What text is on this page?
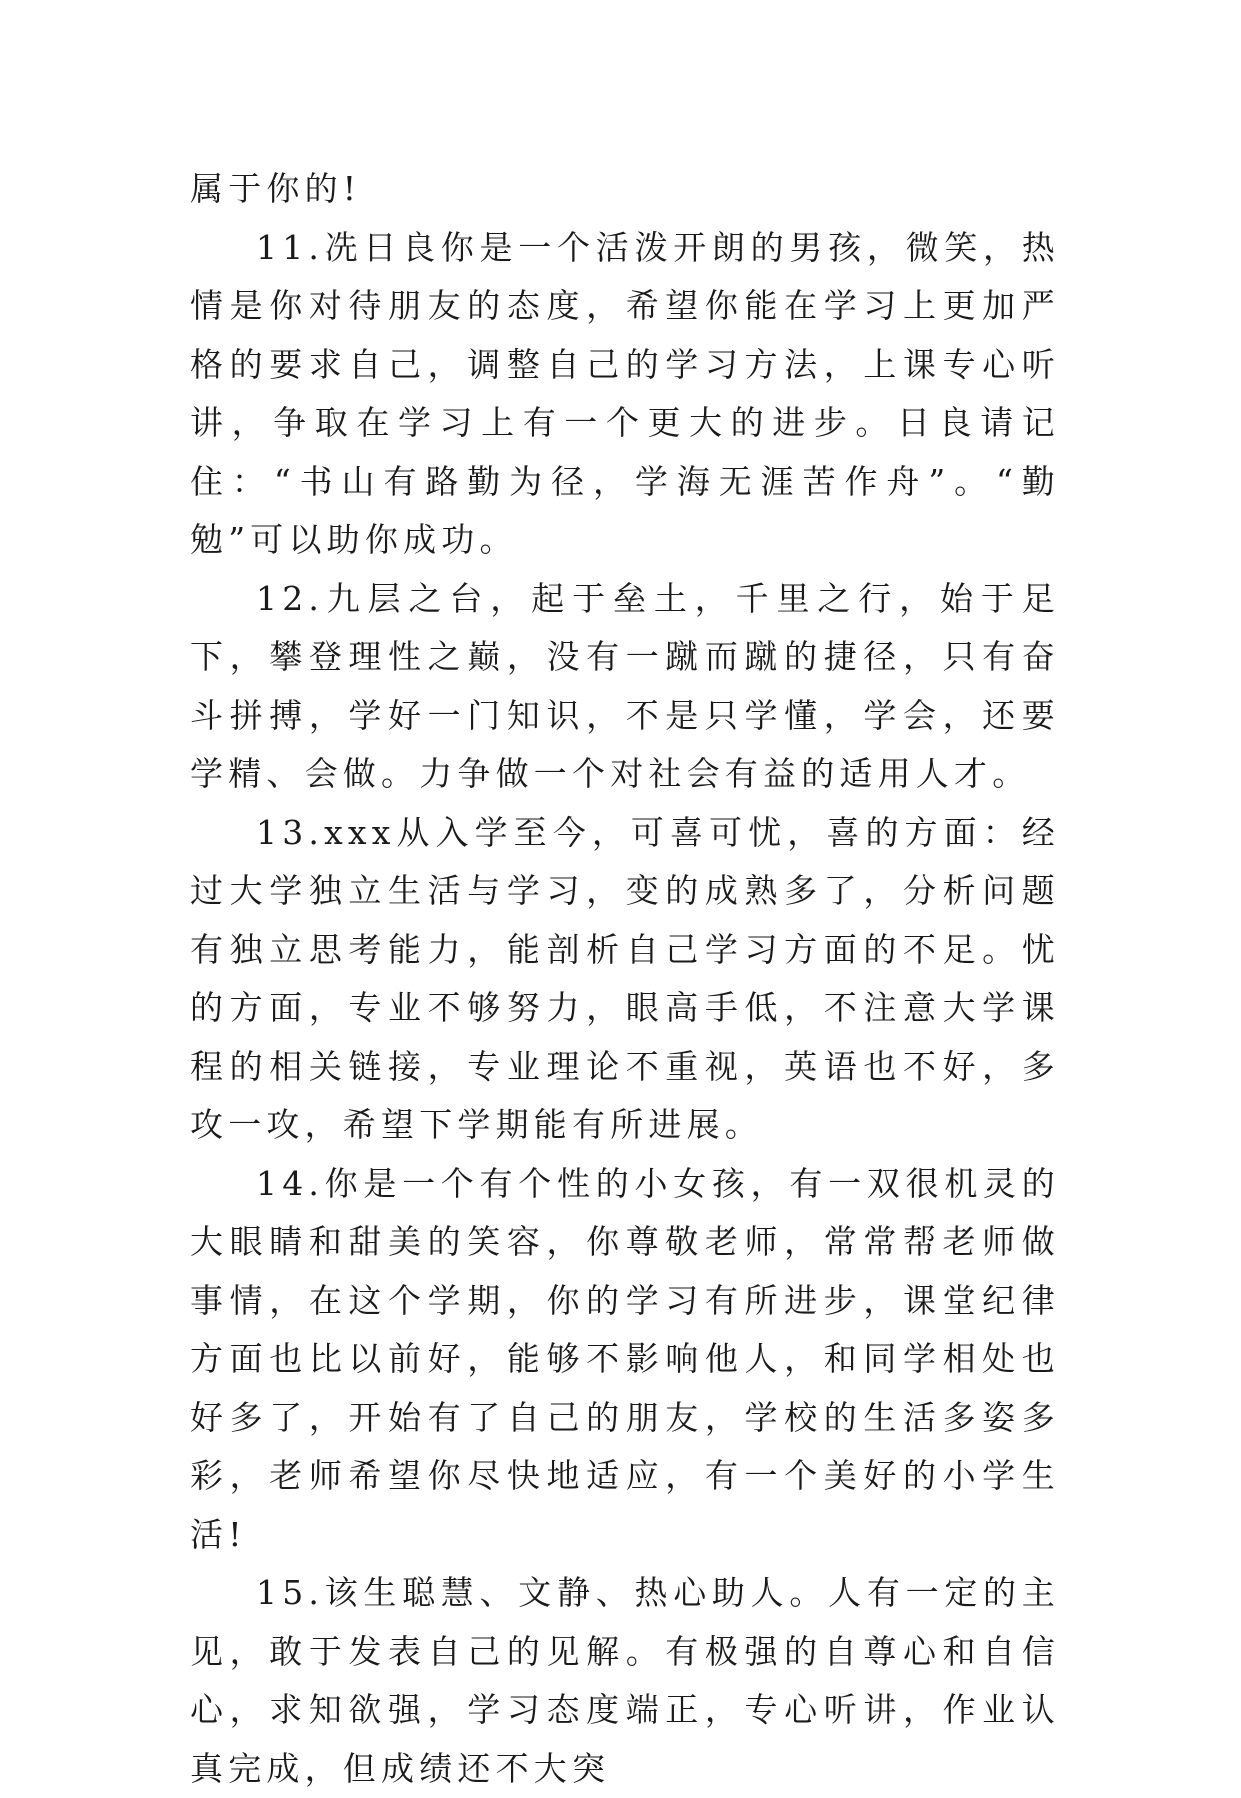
属于你的!

11.冼日良你是一个活泼开朗的男孩，微笑，热情是你对待朋友的态度，希望你能在学习上更加严格的要求自己，调整自己的学习方法，上课专心听讲，争取在学习上有一个更大的进步。日良请记住：“书山有路勤为径，学海无涯苦作舟”。“勤勉”可以助你成功。

12.九层之台，起于垒土，千里之行，始于足下，攀登理性之巅，没有一蹴而蹴的捷径，只有奋斗拼搏，学好一门知识，不是只学懂，学会，还要学精、会做。力争做一个对社会有益的适用人才。

13.xxx从入学至今，可喜可忧，喜的方面：经过大学独立生活与学习，变的成熟多了，分析问题有独立思考能力，能剖析自己学习方面的不足。忧的方面，专业不够努力，眼高手低，不注意大学课程的相关链接，专业理论不重视，英语也不好，多攻一攻，希望下学期能有所进展。

14.你是一个有个性的小女孩，有一双很机灵的大眼睛和甜美的笑容，你尊敬老师，常常帮老师做事情，在这个学期，你的学习有所进步，课堂纪律方面也比以前好，能够不影响他人，和同学相处也好多了，开始有了自己的朋友，学校的生活多姿多彩，老师希望你尽快地适应，有一个美好的小学生活!

15.该生聪慧、文静、热心助人。人有一定的主见，敢于发表自己的见解。有极强的自尊心和自信心，求知欲强，学习态度端正，专心听讲，作业认真完成，但成绩还不大突
